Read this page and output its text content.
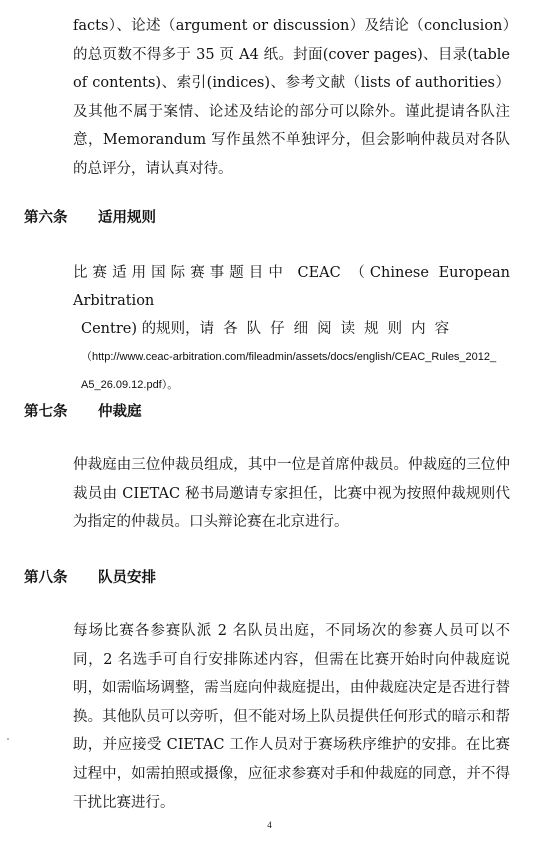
facts）、论述（argument or discussion）及结论（conclusion）的总页数不得多于 35 页 A4 纸。封面(cover pages)、目录(table of contents)、索引(indices)、参考文献（lists of authorities）及其他不属于案情、论述及结论的部分可以除外。谨此提请各队注意，Memorandum 写作虽然不单独评分，但会影响仲裁员对各队的总评分，请认真对待。

第六条 适用规则

比赛适用国际赛事题目中 CEAC （Chinese European Arbitration

Centre) 的规则，请各队仔细阅读规则内容

（http://www.ceac-arbitration.com/fileadmin/assets/docs/english/CEAC_Rules_2012_

A5_26.09.12.pdf）。

第七条 仲裁庭

仲裁庭由三位仲裁员组成，其中一位是首席仲裁员。仲裁庭的三位仲裁员由 CIETAC 秘书局邀请专家担任，比赛中视为按照仲裁规则代为指定的仲裁员。口头辩论赛在北京进行。

第八条 队员安排

每场比赛各参赛队派 2 名队员出庭，不同场次的参赛人员可以不同，2 名选手可自行安排陈述内容，但需在比赛开始时向仲裁庭说明，如需临场调整，需当庭向仲裁庭提出，由仲裁庭决定是否进行替换。其他队员可以旁听，但不能对场上队员提供任何形式的暗示和帮助，并应接受 CIETAC 工作人员对于赛场秩序维护的安排。在比赛过程中，如需拍照或摄像，应征求参赛对手和仲裁庭的同意，并不得干扰比赛进行。

4
